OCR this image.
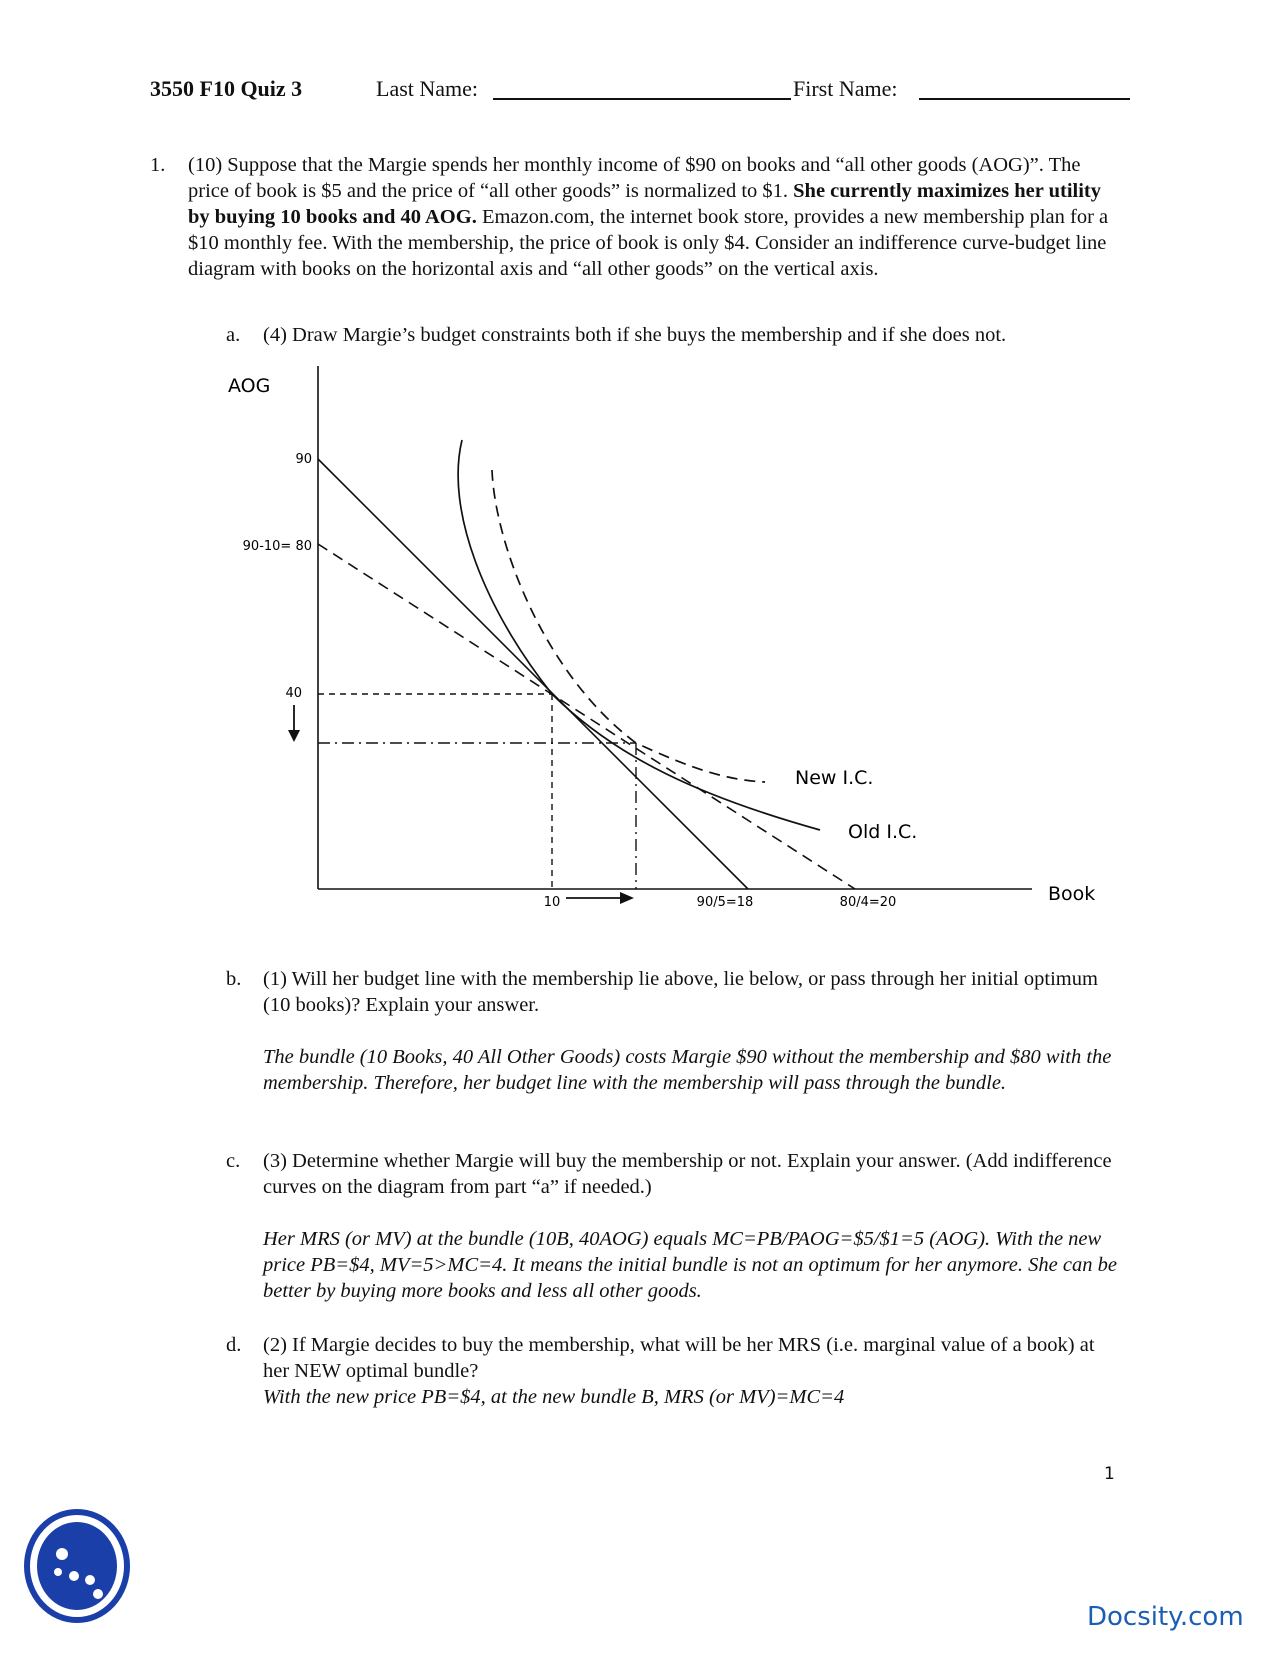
3550 F10 Quiz 3	Last Name:	First Name:
1. (10) Suppose that the Margie spends her monthly income of $90 on books and “all other goods (AOG)”. The price of book is $5 and the price of “all other goods” is normalized to $1. She currently maximizes her utility by buying 10 books and 40 AOG. Emazon.com, the internet book store, provides a new membership plan for a $10 monthly fee. With the membership, the price of book is only $4. Consider an indifference curve-budget line diagram with books on the horizontal axis and “all other goods” on the vertical axis.
a. (4) Draw Margie’s budget constraints both if she buys the membership and if she does not.
AOG
Book
90
90-10= 80
40
10	90/5=18	80/4=20
New I.C.
Old I.C.
b. (1) Will her budget line with the membership lie above, lie below, or pass through her initial optimum (10 books)? Explain your answer.
The bundle (10 Books, 40 All Other Goods) costs Margie $90 without the membership and $80 with the membership. Therefore, her budget line with the membership will pass through the bundle.
c. (3) Determine whether Margie will buy the membership or not. Explain your answer. (Add indifference curves on the diagram from part “a” if needed.)
Her MRS (or MV) at the bundle (10B, 40AOG) equals MC=PB/PAOG=$5/$1=5 (AOG). With the new price PB=$4, MV=5>MC=4. It means the initial bundle is not an optimum for her anymore. She can be better by buying more books and less all other goods.
d. (2) If Margie decides to buy the membership, what will be her MRS (i.e. marginal value of a book) at her NEW optimal bundle?
With the new price PB=$4, at the new bundle B, MRS (or MV)=MC=4
1
Docsity.com
